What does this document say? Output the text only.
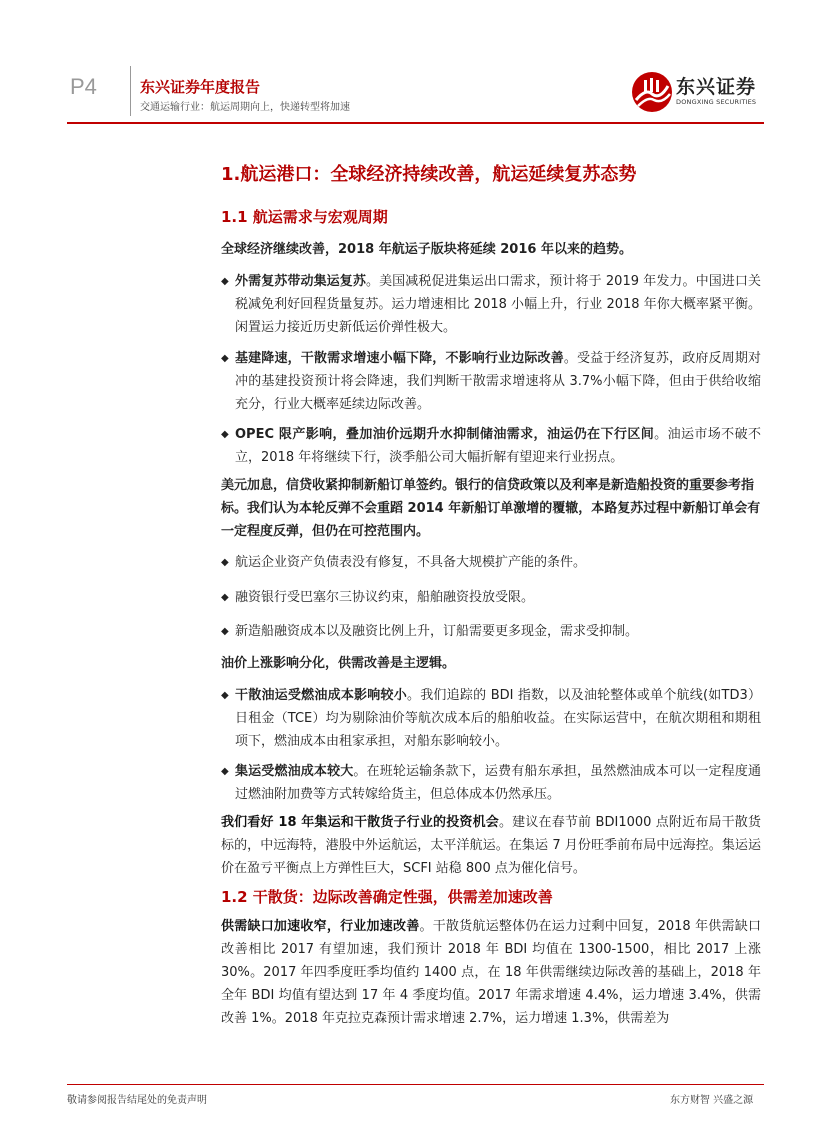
P4	东兴证券年度报告
交通运输行业：航运周期向上，快递转型将加速
东兴证券
DONGXING SECURITIES
1.航运港口：全球经济持续改善，航运延续复苏态势
1.1 航运需求与宏观周期

全球经济继续改善，2018 年航运子版块将延续 2016 年以来的趋势。

◆ 外需复苏带动集运复苏。美国减税促进集运出口需求，预计将于 2019 年发力。中国进口关税减免利好回程货量复苏。运力增速相比 2018 小幅上升，行业 2018 年你大概率紧平衡。闲置运力接近历史新低运价弹性极大。
◆ 基建降速，干散需求增速小幅下降，不影响行业边际改善。受益于经济复苏，政府反周期对冲的基建投资预计将会降速，我们判断干散需求增速将从 3.7%小幅下降，但由于供给收缩充分，行业大概率延续边际改善。
◆ OPEC 限产影响，叠加油价远期升水抑制储油需求，油运仍在下行区间。油运市场不破不立，2018 年将继续下行，淡季船公司大幅折解有望迎来行业拐点。

美元加息，信贷收紧抑制新船订单签约。银行的信贷政策以及利率是新造船投资的重要参考指标。我们认为本轮反弹不会重蹈 2014 年新船订单激增的覆辙，本路复苏过程中新船订单会有一定程度反弹，但仍在可控范围内。

◆ 航运企业资产负债表没有修复，不具备大规模扩产能的条件。
◆ 融资银行受巴塞尔三协议约束，船舶融资投放受限。
◆ 新造船融资成本以及融资比例上升，订船需要更多现金，需求受抑制。

油价上涨影响分化，供需改善是主逻辑。

◆ 干散油运受燃油成本影响较小。我们追踪的 BDI 指数，以及油轮整体或单个航线(如TD3）日租金（TCE）均为剔除油价等航次成本后的船舶收益。在实际运营中，在航次期租和期租项下，燃油成本由租家承担，对船东影响较小。
◆ 集运受燃油成本较大。在班轮运输条款下，运费有船东承担，虽然燃油成本可以一定程度通过燃油附加费等方式转嫁给货主，但总体成本仍然承压。

我们看好 18 年集运和干散货子行业的投资机会。建议在春节前 BDI1000 点附近布局干散货标的，中远海特，港股中外运航运，太平洋航运。在集运 7 月份旺季前布局中远海控。集运运价在盈亏平衡点上方弹性巨大，SCFI 站稳 800 点为催化信号。

1.2 干散货：边际改善确定性强，供需差加速改善

供需缺口加速收窄，行业加速改善。干散货航运整体仍在运力过剩中回复，2018 年供需缺口改善相比 2017 有望加速，我们预计 2018 年 BDI 均值在 1300-1500，相比 2017 上涨 30%。2017 年四季度旺季均值约 1400 点，在 18 年供需继续边际改善的基础上，2018 年全年 BDI 均值有望达到 17 年 4 季度均值。2017 年需求增速 4.4%，运力增速 3.4%，供需改善 1%。2018 年克拉克森预计需求增速 2.7%，运力增速 1.3%，供需差为

敬请参阅报告结尾处的免责声明	东方财智 兴盛之源
